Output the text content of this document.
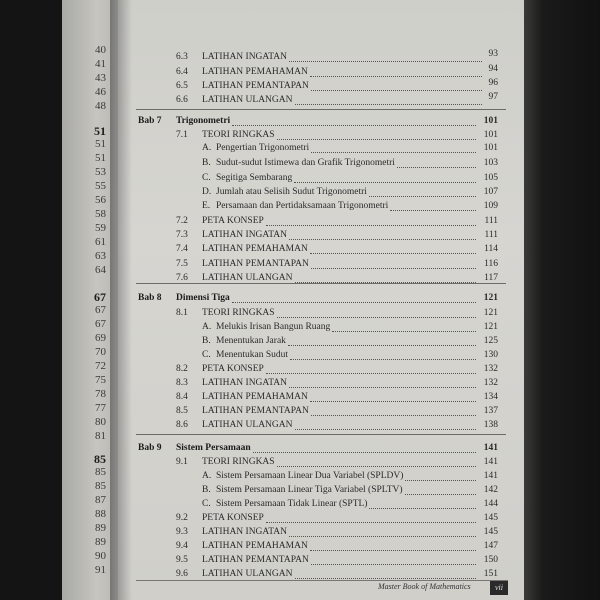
40
41
43
46
48
51
51
51
53
55
56
58
59
61
63
64
67
67
67
69
70
72
75
78
77
80
81
85
85
85
87
88
89
89
90
91
Master Book of Mathematics	vii
6.3 LATIHAN INGATAN	93
6.4 LATIHAN PEMAHAMAN	94
6.5 LATIHAN PEMANTAPAN	96
6.6 LATIHAN ULANGAN	97
Bab 7 Trigonometri	101
7.1 TEORI RINGKAS	101
A. Pengertian Trigonometri	101
B. Sudut-sudut Istimewa dan Grafik Trigonometri	103
C. Segitiga Sembarang	105
D. Jumlah atau Selisih Sudut Trigonometri	107
E. Persamaan dan Pertidaksamaan Trigonometri	109
7.2 PETA KONSEP	111
7.3 LATIHAN INGATAN	111
7.4 LATIHAN PEMAHAMAN	114
7.5 LATIHAN PEMANTAPAN	116
7.6 LATIHAN ULANGAN	117
Bab 8 Dimensi Tiga	121
8.1 TEORI RINGKAS	121
A. Melukis Irisan Bangun Ruang	121
B. Menentukan Jarak	125
C. Menentukan Sudut	130
8.2 PETA KONSEP	132
8.3 LATIHAN INGATAN	132
8.4 LATIHAN PEMAHAMAN	134
8.5 LATIHAN PEMANTAPAN	137
8.6 LATIHAN ULANGAN	138
Bab 9 Sistem Persamaan	141
9.1 TEORI RINGKAS	141
A. Sistem Persamaan Linear Dua Variabel (SPLDV)	141
B. Sistem Persamaan Linear Tiga Variabel (SPLTV)	142
C. Sistem Persamaan Tidak Linear (SPTL)	144
9.2 PETA KONSEP	145
9.3 LATIHAN INGATAN	145
9.4 LATIHAN PEMAHAMAN	147
9.5 LATIHAN PEMANTAPAN	150
9.6 LATIHAN ULANGAN	151
